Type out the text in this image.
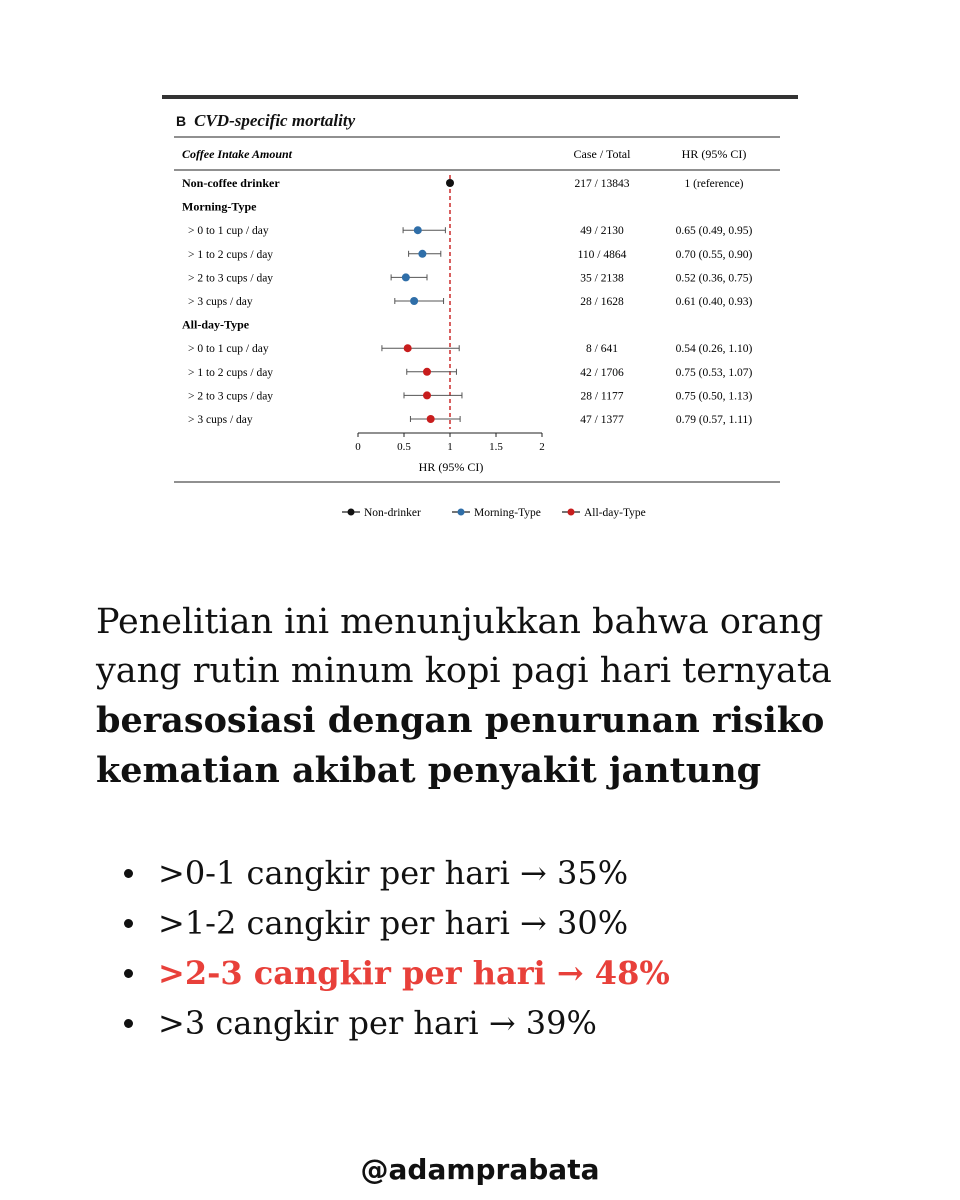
B CVD-specific mortality
Coffee Intake Amount	Case / Total	HR (95% CI)
Non-coffee drinker	217 / 13843	1 (reference)
Morning-Type
> 0 to 1 cup / day	49 / 2130	0.65 (0.49, 0.95)
> 1 to 2 cups / day	110 / 4864	0.70 (0.55, 0.90)
> 2 to 3 cups / day	35 / 2138	0.52 (0.36, 0.75)
> 3 cups / day	28 / 1628	0.61 (0.40, 0.93)
All-day-Type
> 0 to 1 cup / day	8 / 641	0.54 (0.26, 1.10)
> 1 to 2 cups / day	42 / 1706	0.75 (0.53, 1.07)
> 2 to 3 cups / day	28 / 1177	0.75 (0.50, 1.13)
> 3 cups / day	47 / 1377	0.79 (0.57, 1.11)
0	0.5	1	1.5	2
HR (95% CI)
Non-drinker	Morning-Type	All-day-Type

Penelitian ini menunjukkan bahwa orang yang rutin minum kopi pagi hari ternyata berasosiasi dengan penurunan risiko kematian akibat penyakit jantung

>0-1 cangkir per hari → 35%
>1-2 cangkir per hari → 30%
>2-3 cangkir per hari → 48%
>3 cangkir per hari → 39%
@adamprabata
